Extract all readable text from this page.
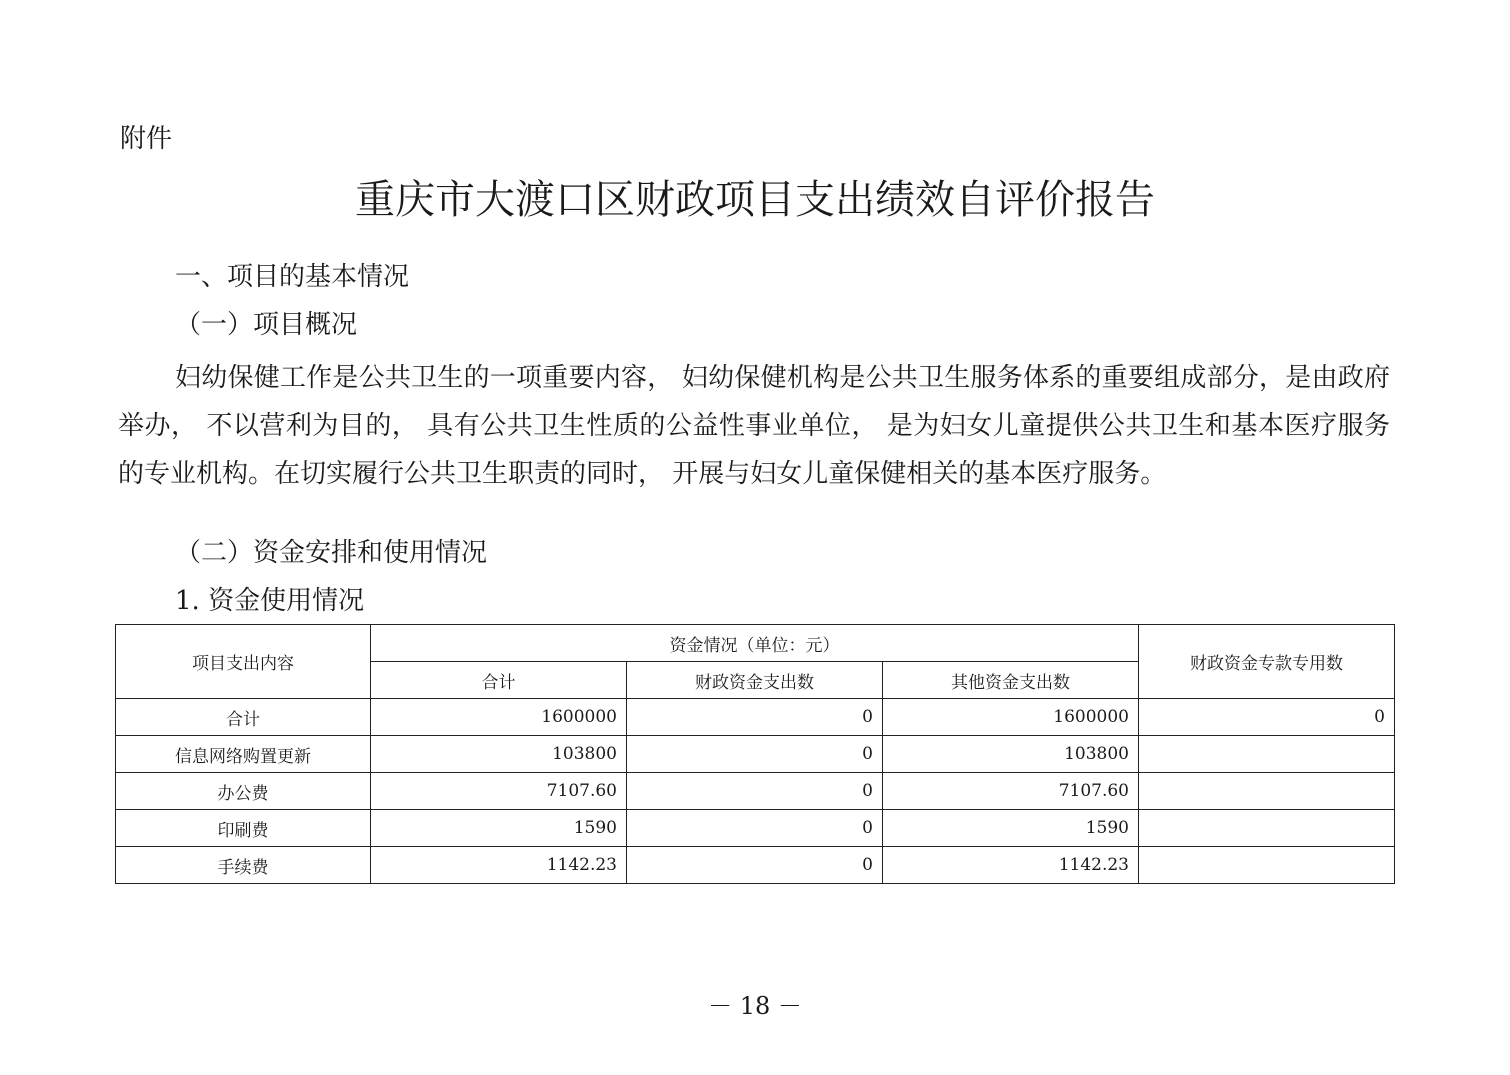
附件

重庆市大渡口区财政项目支出绩效自评价报告
一、项目的基本情况
（一）项目概况

妇幼保健工作是公共卫生的一项重要内容， 妇幼保健机构是公共卫生服务体系的重要组成部分，是由政府举办， 不以营利为目的， 具有公共卫生性质的公益性事业单位， 是为妇女儿童提供公共卫生和基本医疗服务的专业机构。在切实履行公共卫生职责的同时， 开展与妇女儿童保健相关的基本医疗服务。

（二）资金安排和使用情况
1. 资金使用情况
项目支出内容	资金情况（单位：元）			财政资金专款专用数
	合计	财政资金支出数	其他资金支出数	
合计	1600000	0	1600000	0
信息网络购置更新	103800	0	103800	
办公费	7107.60	0	7107.60	
印刷费	1590	0	1590	
手续费	1142.23	0	1142.23	
－ 18 －
